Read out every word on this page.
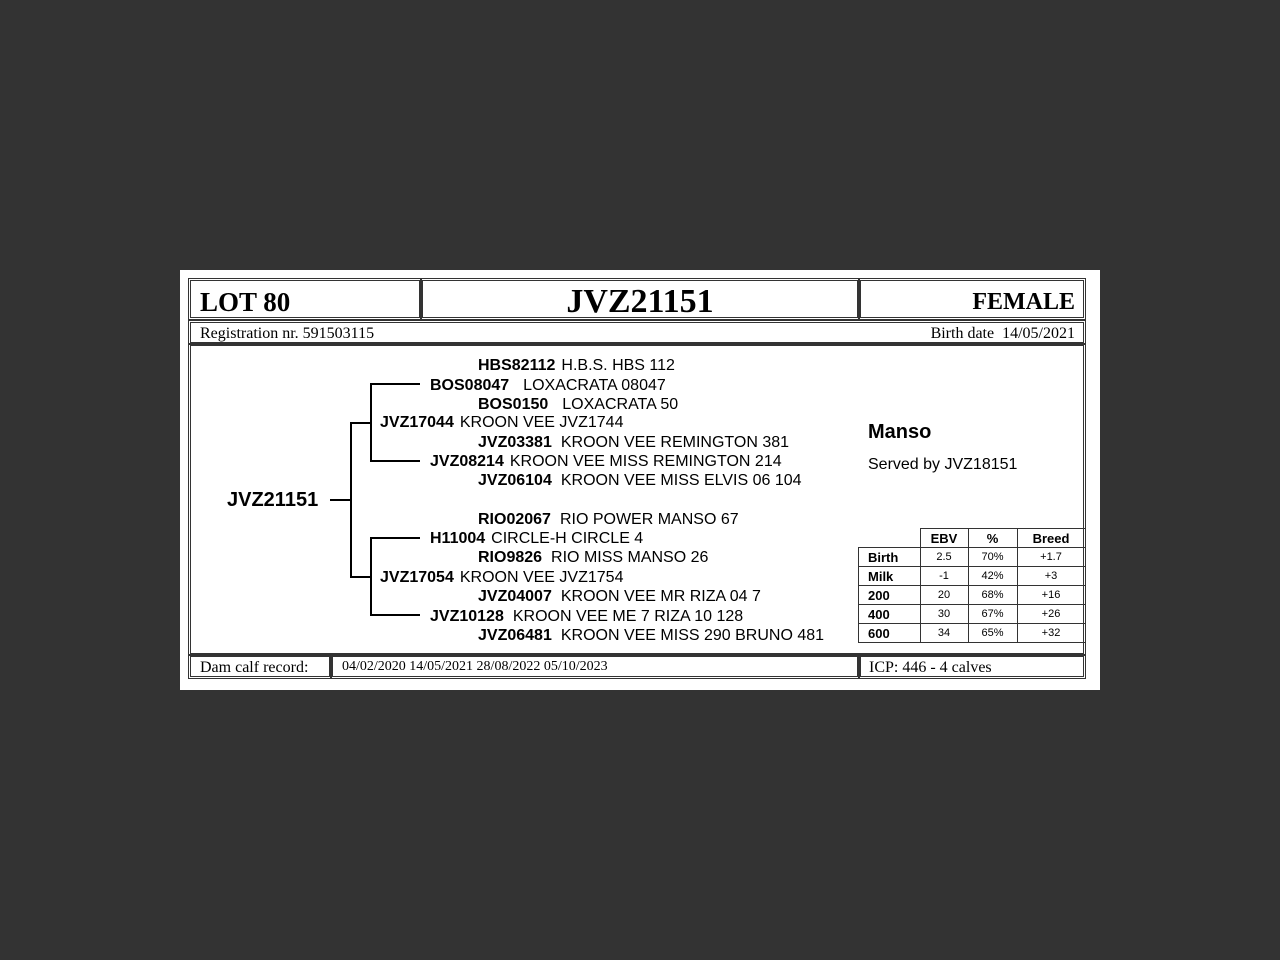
LOT 80	JVZ21151	FEMALE
Registration nr. 591503115	Birth date  14/05/2021
JVZ21151
HBS82112 H.B.S. HBS 112
BOS08047 LOXACRATA 08047
BOS0150 LOXACRATA 50
JVZ17044 KROON VEE JVZ1744
JVZ03381 KROON VEE REMINGTON 381
JVZ08214 KROON VEE MISS REMINGTON 214
JVZ06104 KROON VEE MISS ELVIS 06 104
RIO02067 RIO POWER MANSO 67
H11004 CIRCLE-H CIRCLE 4
RIO9826 RIO MISS MANSO 26
JVZ17054 KROON VEE JVZ1754
JVZ04007 KROON VEE MR RIZA 04 7
JVZ10128 KROON VEE ME 7 RIZA 10 128
JVZ06481 KROON VEE MISS 290 BRUNO 481
Manso
Served by JVZ18151
	EBV	%	Breed
Birth	2.5	70%	+1.7
Milk	-1	42%	+3
200	20	68%	+16
400	30	67%	+26
600	34	65%	+32
Dam calf record: 04/02/2020 14/05/2021 28/08/2022 05/10/2023	ICP: 446 - 4 calves
